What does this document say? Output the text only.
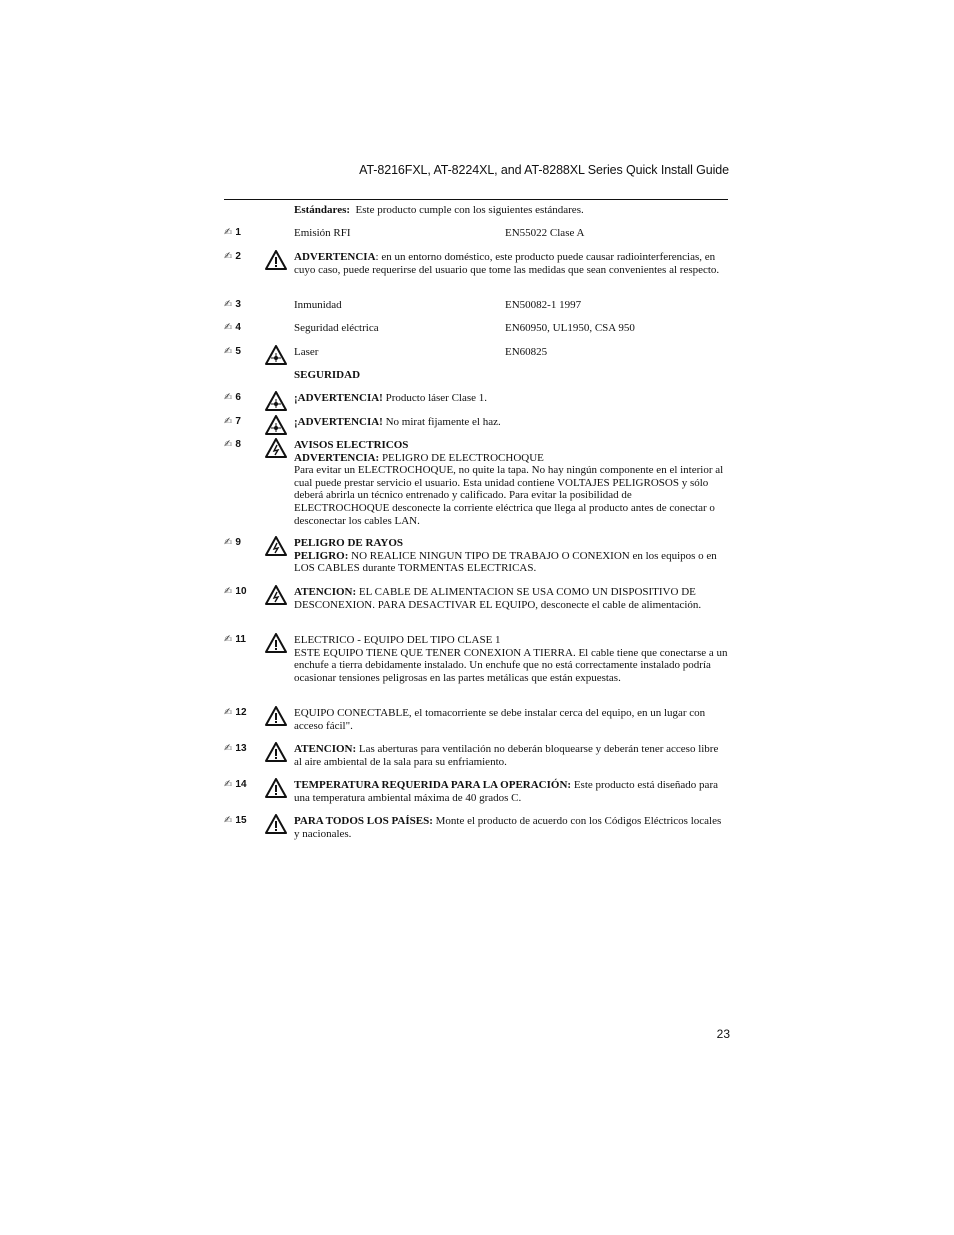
AT-8216FXL, AT-8224XL, and AT-8288XL Series Quick Install Guide
Estándares: Este producto cumple con los siguientes estándares.
✍ 1	Emisión RFI	EN55022 Clase A
✍ 2	ADVERTENCIA: en un entorno doméstico, este producto puede causar radiointerferencias, en cuyo caso, puede requerirse del usuario que tome las medidas que sean convenientes al respecto.
✍ 3	Inmunidad	EN50082-1 1997
✍ 4	Seguridad eléctrica	EN60950, UL1950, CSA 950
✍ 5	Laser	EN60825
SEGURIDAD
✍ 6	¡ADVERTENCIA! Producto láser Clase 1.
✍ 7	¡ADVERTENCIA! No mirat fijamente el haz.
✍ 8	AVISOS ELECTRICOS
ADVERTENCIA: PELIGRO DE ELECTROCHOQUE
Para evitar un ELECTROCHOQUE, no quite la tapa. No hay ningún componente en el interior al cual puede prestar servicio el usuario. Esta unidad contiene VOLTAJES PELIGROSOS y sólo deberá abrirla un técnico entrenado y calificado. Para evitar la posibilidad de ELECTROCHOQUE desconecte la corriente eléctrica que llega al producto antes de conectar o desconectar los cables LAN.
✍ 9	PELIGRO DE RAYOS
PELIGRO: NO REALICE NINGUN TIPO DE TRABAJO O CONEXION en los equipos o en LOS CABLES durante TORMENTAS ELECTRICAS.
✍ 10	ATENCION: EL CABLE DE ALIMENTACION SE USA COMO UN DISPOSITIVO DE DESCONEXION. PARA DESACTIVAR EL EQUIPO, desconecte el cable de alimentación.
✍ 11	ELECTRICO - EQUIPO DEL TIPO CLASE 1
ESTE EQUIPO TIENE QUE TENER CONEXION A TIERRA. El cable tiene que conectarse a un enchufe a tierra debidamente instalado. Un enchufe que no está correctamente instalado podría ocasionar tensiones peligrosas en las partes metálicas que están expuestas.
✍ 12	EQUIPO CONECTABLE, el tomacorriente se debe instalar cerca del equipo, en un lugar con acceso fácil".
✍ 13	ATENCION: Las aberturas para ventilación no deberán bloquearse y deberán tener acceso libre al aire ambiental de la sala para su enfriamiento.
✍ 14	TEMPERATURA REQUERIDA PARA LA OPERACIÓN: Este producto está diseñado para una temperatura ambiental máxima de 40 grados C.
✍ 15	PARA TODOS LOS PAÍSES: Monte el producto de acuerdo con los Códigos Eléctricos locales y nacionales.
23
